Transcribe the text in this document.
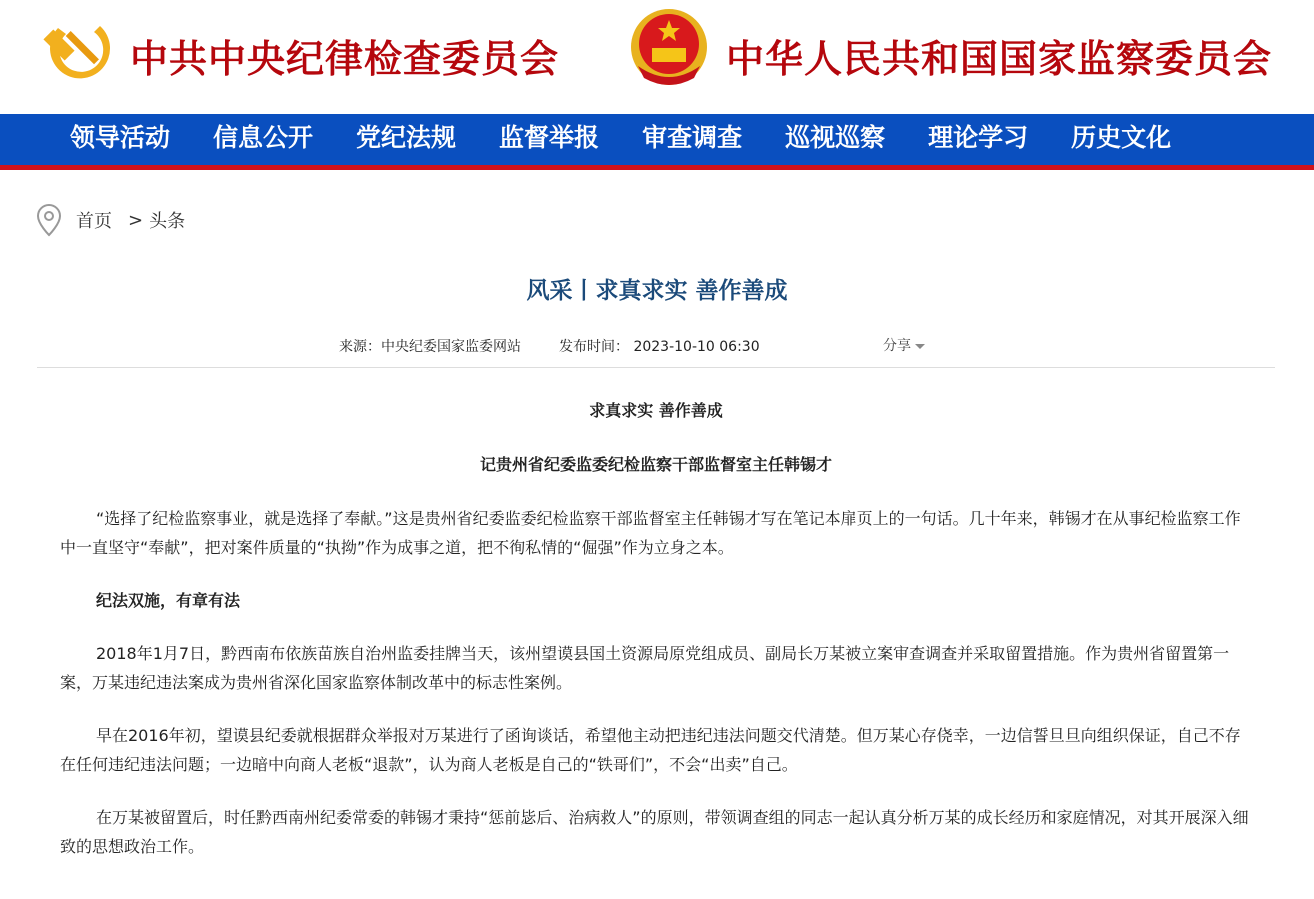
中共中央纪律检查委员会	中华人民共和国国家监察委员会
领导活动 信息公开 党纪法规 监督举报 审查调查 巡视巡察 理论学习 历史文化
首页 > 头条
风采丨求真求实 善作善成
来源：中央纪委国家监委网站	发布时间： 2023-10-10 06:30	分享
求真求实 善作善成
记贵州省纪委监委纪检监察干部监督室主任韩锡才

“选择了纪检监察事业，就是选择了奉献。”这是贵州省纪委监委纪检监察干部监督室主任韩锡才写在笔记本扉页上的一句话。几十年来，韩锡才在从事纪检监察工作中一直坚守“奉献”，把对案件质量的“执拗”作为成事之道，把不徇私情的“倔强”作为立身之本。

纪法双施，有章有法

2018年1月7日，黔西南布依族苗族自治州监委挂牌当天，该州望谟县国土资源局原党组成员、副局长万某被立案审查调查并采取留置措施。作为贵州省留置第一案，万某违纪违法案成为贵州省深化国家监察体制改革中的标志性案例。

早在2016年初，望谟县纪委就根据群众举报对万某进行了函询谈话，希望他主动把违纪违法问题交代清楚。但万某心存侥幸，一边信誓旦旦向组织保证，自己不存在任何违纪违法问题；一边暗中向商人老板“退款”，认为商人老板是自己的“铁哥们”，不会“出卖”自己。

在万某被留置后，时任黔西南州纪委常委的韩锡才秉持“惩前毖后、治病救人”的原则，带领调查组的同志一起认真分析万某的成长经历和家庭情况，对其开展深入细致的思想政治工作。
